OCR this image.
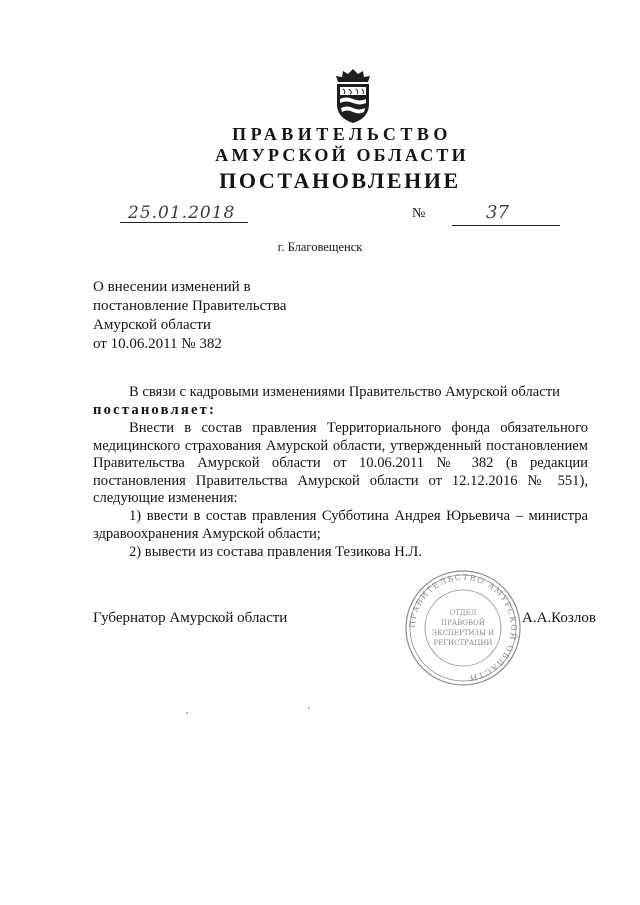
ПРАВИТЕЛЬСТВО
АМУРСКОЙ ОБЛАСТИ
ПОСТАНОВЛЕНИЕ
25.01.2018	№	37
г. Благовещенск
О внесении изменений в
постановление Правительства
Амурской области
от 10.06.2011 № 382

В связи с кадровыми изменениями Правительство Амурской области

постановляет:

Внести в состав правления Территориального фонда обязательного медицинского страхования Амурской области, утвержденный постановлением Правительства Амурской области от 10.06.2011 № 382 (в редакции постановления Правительства Амурской области от 12.12.2016 № 551), следующие изменения:

1) ввести в состав правления Субботина Андрея Юрьевича – министра здравоохранения Амурской области;

2) вывести из состава правления Тезикова Н.Л.

ПРАВИТЕЛЬСТВО АМУРСКОЙ ОБЛАСТИ
ОТДЕЛ
ПРАВОВОЙ
ЭКСПЕРТИЗЫ И
РЕГИСТРАЦИИ
Губернатор Амурской области	А.А.Козлов
